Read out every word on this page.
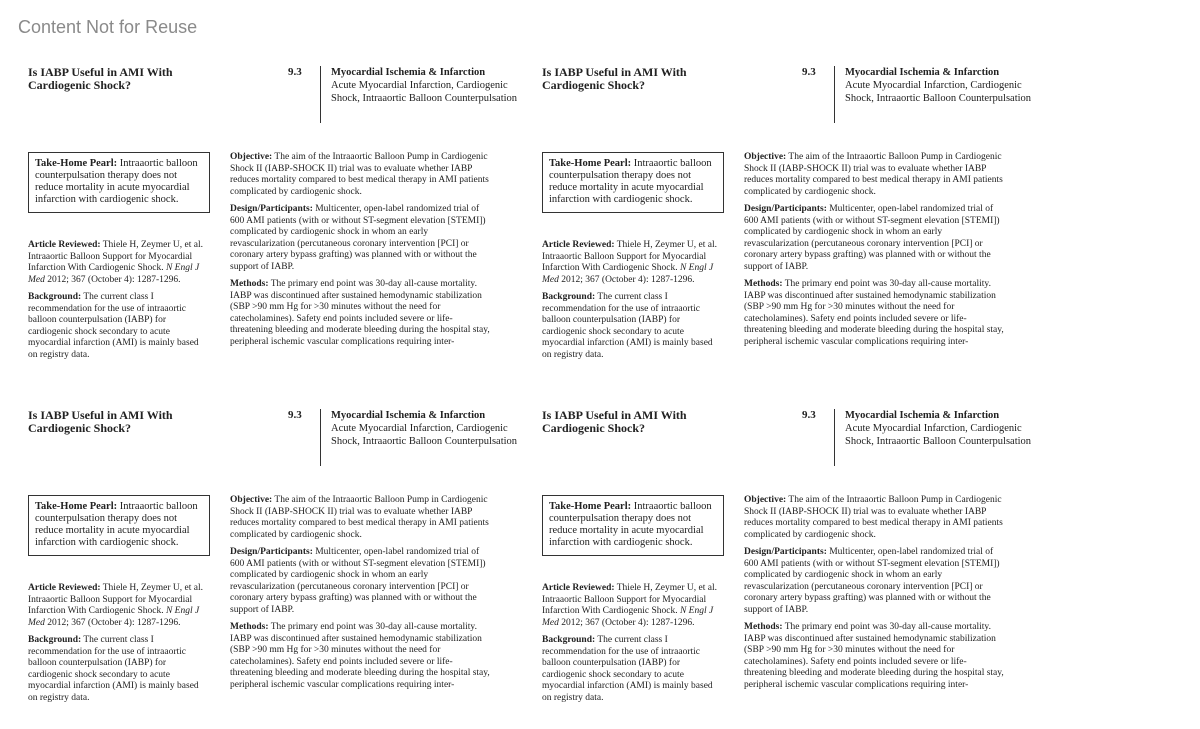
Content Not for Reuse
Is IABP Useful in AMI With Cardiogenic Shock?
9.3	Myocardial Ischemia & Infarction
Acute Myocardial Infarction, Cardiogenic Shock, Intraaortic Balloon Counterpulsation
Take-Home Pearl: Intraaortic balloon counterpulsation therapy does not reduce mortality in acute myocardial infarction with cardiogenic shock.

Article Reviewed: Thiele H, Zeymer U, et al. Intraaortic Balloon Support for Myocardial Infarction With Cardiogenic Shock. N Engl J Med 2012; 367 (October 4): 1287-1296.

Background: The current class I recommendation for the use of intraaortic balloon counterpulsation (IABP) for cardiogenic shock secondary to acute myocardial infarction (AMI) is mainly based on registry data.

Objective: The aim of the Intraaortic Balloon Pump in Cardiogenic Shock II (IABP-SHOCK II) trial was to evaluate whether IABP reduces mortality compared to best medical therapy in AMI patients complicated by cardiogenic shock.

Design/Participants: Multicenter, open-label randomized trial of 600 AMI patients (with or without ST-segment elevation [STEMI]) complicated by cardiogenic shock in whom an early revascularization (percutaneous coronary intervention [PCI] or coronary artery bypass grafting) was planned with or without the support of IABP.

Methods: The primary end point was 30-day all-cause mortality. IABP was discontinued after sustained hemodynamic stabilization (SBP >90 mm Hg for >30 minutes without the need for catecholamines). Safety end points included severe or life-threatening bleeding and moderate bleeding during the hospital stay, peripheral ischemic vascular complications requiring inter-

Is IABP Useful in AMI With Cardiogenic Shock?
9.3	Myocardial Ischemia & Infarction
Acute Myocardial Infarction, Cardiogenic Shock, Intraaortic Balloon Counterpulsation
Take-Home Pearl: Intraaortic balloon counterpulsation therapy does not reduce mortality in acute myocardial infarction with cardiogenic shock.

Article Reviewed: Thiele H, Zeymer U, et al. Intraaortic Balloon Support for Myocardial Infarction With Cardiogenic Shock. N Engl J Med 2012; 367 (October 4): 1287-1296.

Background: The current class I recommendation for the use of intraaortic balloon counterpulsation (IABP) for cardiogenic shock secondary to acute myocardial infarction (AMI) is mainly based on registry data.

Objective: The aim of the Intraaortic Balloon Pump in Cardiogenic Shock II (IABP-SHOCK II) trial was to evaluate whether IABP reduces mortality compared to best medical therapy in AMI patients complicated by cardiogenic shock.

Design/Participants: Multicenter, open-label randomized trial of 600 AMI patients (with or without ST-segment elevation [STEMI]) complicated by cardiogenic shock in whom an early revascularization (percutaneous coronary intervention [PCI] or coronary artery bypass grafting) was planned with or without the support of IABP.

Methods: The primary end point was 30-day all-cause mortality. IABP was discontinued after sustained hemodynamic stabilization (SBP >90 mm Hg for >30 minutes without the need for catecholamines). Safety end points included severe or life-threatening bleeding and moderate bleeding during the hospital stay, peripheral ischemic vascular complications requiring inter-

Is IABP Useful in AMI With Cardiogenic Shock?
9.3	Myocardial Ischemia & Infarction
Acute Myocardial Infarction, Cardiogenic Shock, Intraaortic Balloon Counterpulsation
Take-Home Pearl: Intraaortic balloon counterpulsation therapy does not reduce mortality in acute myocardial infarction with cardiogenic shock.

Article Reviewed: Thiele H, Zeymer U, et al. Intraaortic Balloon Support for Myocardial Infarction With Cardiogenic Shock. N Engl J Med 2012; 367 (October 4): 1287-1296.

Background: The current class I recommendation for the use of intraaortic balloon counterpulsation (IABP) for cardiogenic shock secondary to acute myocardial infarction (AMI) is mainly based on registry data.

Objective: The aim of the Intraaortic Balloon Pump in Cardiogenic Shock II (IABP-SHOCK II) trial was to evaluate whether IABP reduces mortality compared to best medical therapy in AMI patients complicated by cardiogenic shock.

Design/Participants: Multicenter, open-label randomized trial of 600 AMI patients (with or without ST-segment elevation [STEMI]) complicated by cardiogenic shock in whom an early revascularization (percutaneous coronary intervention [PCI] or coronary artery bypass grafting) was planned with or without the support of IABP.

Methods: The primary end point was 30-day all-cause mortality. IABP was discontinued after sustained hemodynamic stabilization (SBP >90 mm Hg for >30 minutes without the need for catecholamines). Safety end points included severe or life-threatening bleeding and moderate bleeding during the hospital stay, peripheral ischemic vascular complications requiring inter-

Is IABP Useful in AMI With Cardiogenic Shock?
9.3	Myocardial Ischemia & Infarction
Acute Myocardial Infarction, Cardiogenic Shock, Intraaortic Balloon Counterpulsation
Take-Home Pearl: Intraaortic balloon counterpulsation therapy does not reduce mortality in acute myocardial infarction with cardiogenic shock.

Article Reviewed: Thiele H, Zeymer U, et al. Intraaortic Balloon Support for Myocardial Infarction With Cardiogenic Shock. N Engl J Med 2012; 367 (October 4): 1287-1296.

Background: The current class I recommendation for the use of intraaortic balloon counterpulsation (IABP) for cardiogenic shock secondary to acute myocardial infarction (AMI) is mainly based on registry data.

Objective: The aim of the Intraaortic Balloon Pump in Cardiogenic Shock II (IABP-SHOCK II) trial was to evaluate whether IABP reduces mortality compared to best medical therapy in AMI patients complicated by cardiogenic shock.

Design/Participants: Multicenter, open-label randomized trial of 600 AMI patients (with or without ST-segment elevation [STEMI]) complicated by cardiogenic shock in whom an early revascularization (percutaneous coronary intervention [PCI] or coronary artery bypass grafting) was planned with or without the support of IABP.

Methods: The primary end point was 30-day all-cause mortality. IABP was discontinued after sustained hemodynamic stabilization (SBP >90 mm Hg for >30 minutes without the need for catecholamines). Safety end points included severe or life-threatening bleeding and moderate bleeding during the hospital stay, peripheral ischemic vascular complications requiring inter-
